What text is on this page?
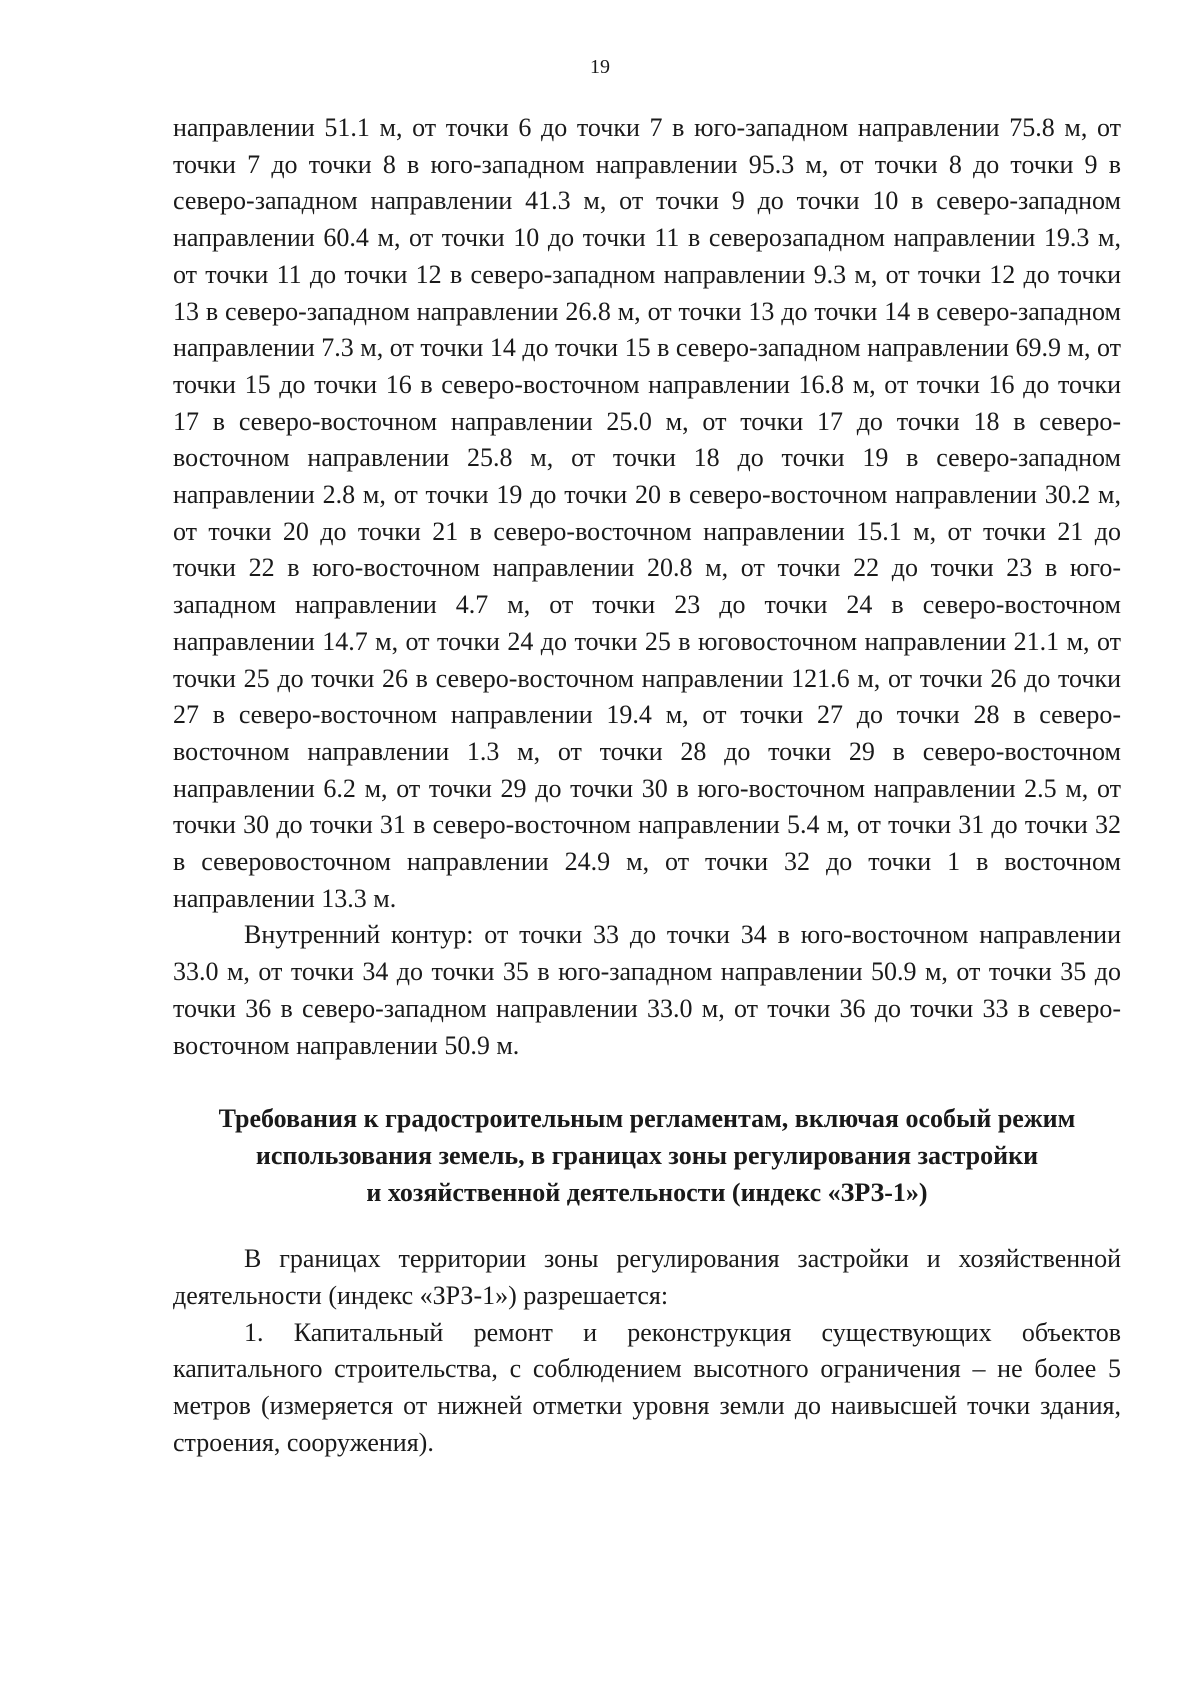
19

направлении 51.1 м, от точки 6 до точки 7 в юго-западном направлении 75.8 м, от точки 7 до точки 8 в юго-западном направлении 95.3 м, от точки 8 до точки 9 в северо-западном направлении 41.3 м, от точки 9 до точки 10 в северо-западном направлении 60.4 м, от точки 10 до точки 11 в северозападном направлении 19.3 м, от точки 11 до точки 12 в северо-западном направлении 9.3 м, от точки 12 до точки 13 в северо-западном направлении 26.8 м, от точки 13 до точки 14 в северо-западном направлении 7.3 м, от точки 14 до точки 15 в северо-западном направлении 69.9 м, от точки 15 до точки 16 в северо-восточном направлении 16.8 м, от точки 16 до точки 17 в северо-восточном направлении 25.0 м, от точки 17 до точки 18 в северовосточном направлении 25.8 м, от точки 18 до точки 19 в северо-западном направлении 2.8 м, от точки 19 до точки 20 в северо-восточном направлении 30.2 м, от точки 20 до точки 21 в северо-восточном направлении 15.1 м, от точки 21 до точки 22 в юго-восточном направлении 20.8 м, от точки 22 до точки 23 в юго-западном направлении 4.7 м, от точки 23 до точки 24 в северо-восточном направлении 14.7 м, от точки 24 до точки 25 в юговосточном направлении 21.1 м, от точки 25 до точки 26 в северо-восточном направлении 121.6 м, от точки 26 до точки 27 в северо-восточном направлении 19.4 м, от точки 27 до точки 28 в северо-восточном направлении 1.3 м, от точки 28 до точки 29 в северо-восточном направлении 6.2 м, от точки 29 до точки 30 в юго-восточном направлении 2.5 м, от точки 30 до точки 31 в северо-восточном направлении 5.4 м, от точки 31 до точки 32 в северовосточном направлении 24.9 м, от точки 32 до точки 1 в восточном направлении 13.3 м.

Внутренний контур: от точки 33 до точки 34 в юго-восточном направлении 33.0 м, от точки 34 до точки 35 в юго-западном направлении 50.9 м, от точки 35 до точки 36 в северо-западном направлении 33.0 м, от точки 36 до точки 33 в северо-восточном направлении 50.9 м.

Требования к градостроительным регламентам, включая особый режим
использования земель, в границах зоны регулирования застройки
и хозяйственной деятельности (индекс «ЗРЗ-1»)

В границах территории зоны регулирования застройки и хозяйственной деятельности (индекс «ЗРЗ-1») разрешается:

1. Капитальный ремонт и реконструкция существующих объектов капитального строительства, с соблюдением высотного ограничения – не более 5 метров (измеряется от нижней отметки уровня земли до наивысшей точки здания, строения, сооружения).
